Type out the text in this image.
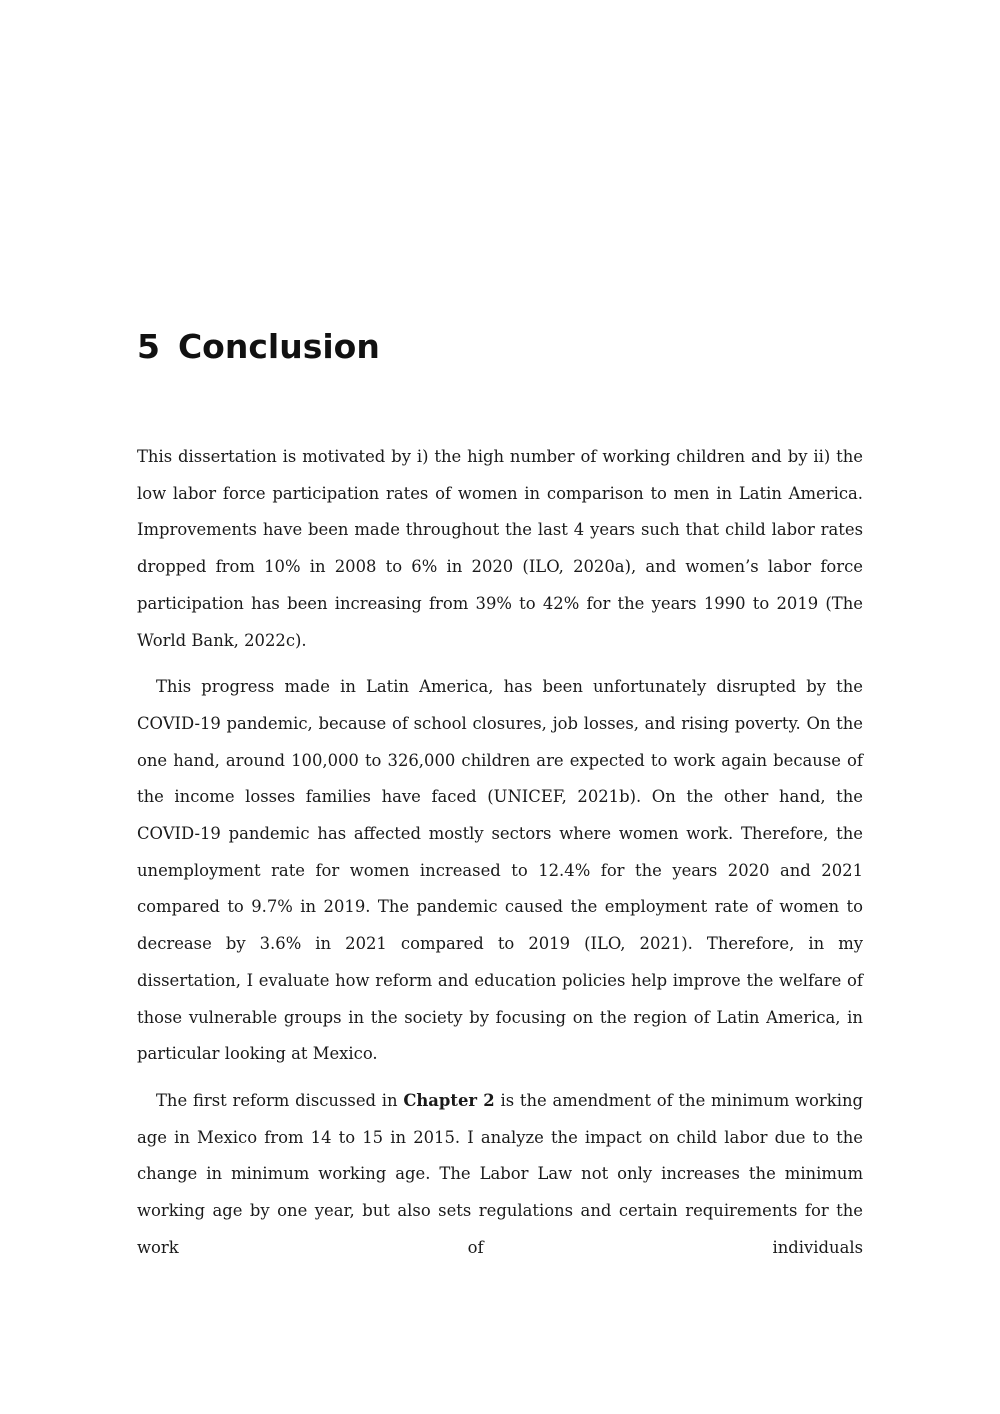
5 Conclusion

This dissertation is motivated by i) the high number of working children and by ii) the low labor force participation rates of women in comparison to men in Latin America. Improvements have been made throughout the last 4 years such that child labor rates dropped from 10% in 2008 to 6% in 2020 (ILO, 2020a), and women’s labor force participation has been increasing from 39% to 42% for the years 1990 to 2019 (The World Bank, 2022c).

This progress made in Latin America, has been unfortunately disrupted by the COVID-19 pandemic, because of school closures, job losses, and rising poverty. On the one hand, around 100,000 to 326,000 children are expected to work again because of the income losses families have faced (UNICEF, 2021b). On the other hand, the COVID-19 pandemic has affected mostly sectors where women work. Therefore, the unemployment rate for women increased to 12.4% for the years 2020 and 2021 compared to 9.7% in 2019. The pandemic caused the employment rate of women to decrease by 3.6% in 2021 compared to 2019 (ILO, 2021). Therefore, in my dissertation, I evaluate how reform and education policies help improve the welfare of those vulnerable groups in the society by focusing on the region of Latin America, in particular looking at Mexico.

The first reform discussed in Chapter 2 is the amendment of the minimum working age in Mexico from 14 to 15 in 2015. I analyze the impact on child labor due to the change in minimum working age. The Labor Law not only increases the minimum working age by one year, but also sets regulations and certain requirements for the work of individuals
